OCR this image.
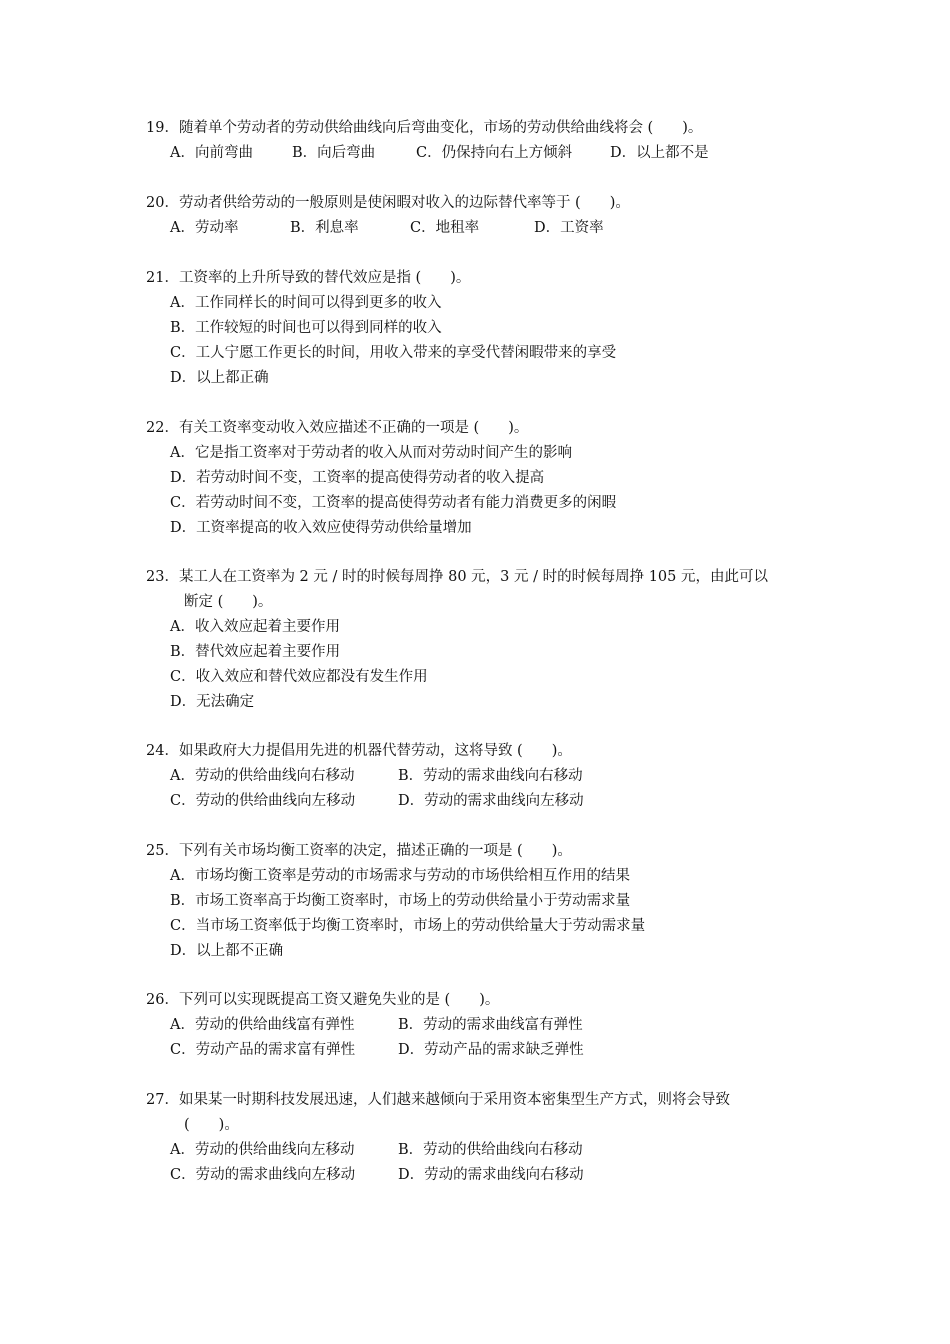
19．随着单个劳动者的劳动供给曲线向后弯曲变化，市场的劳动供给曲线将会 (　　)。
A．向前弯曲	B．向后弯曲	C．仍保持向右上方倾斜	D．以上都不是
20．劳动者供给劳动的一般原则是使闲暇对收入的边际替代率等于 (　　)。
A．劳动率	B．利息率	C．地租率	D．工资率
21．工资率的上升所导致的替代效应是指 (　　)。
A．工作同样长的时间可以得到更多的收入
B．工作较短的时间也可以得到同样的收入
C．工人宁愿工作更长的时间，用收入带来的享受代替闲暇带来的享受
D．以上都正确
22．有关工资率变动收入效应描述不正确的一项是 (　　)。
A．它是指工资率对于劳动者的收入从而对劳动时间产生的影响
D．若劳动时间不变，工资率的提高使得劳动者的收入提高
C．若劳动时间不变，工资率的提高使得劳动者有能力消费更多的闲暇
D．工资率提高的收入效应使得劳动供给量增加
23．某工人在工资率为 2 元 / 时的时候每周挣 80 元，3 元 / 时的时候每周挣 105 元，由此可以
断定 (　　)。
A．收入效应起着主要作用
B．替代效应起着主要作用
C．收入效应和替代效应都没有发生作用
D．无法确定
24．如果政府大力提倡用先进的机器代替劳动，这将导致 (　　)。
A．劳动的供给曲线向右移动	B．劳动的需求曲线向右移动
C．劳动的供给曲线向左移动	D．劳动的需求曲线向左移动
25．下列有关市场均衡工资率的决定，描述正确的一项是 (　　)。
A．市场均衡工资率是劳动的市场需求与劳动的市场供给相互作用的结果
B．市场工资率高于均衡工资率时，市场上的劳动供给量小于劳动需求量
C．当市场工资率低于均衡工资率时，市场上的劳动供给量大于劳动需求量
D．以上都不正确
26．下列可以实现既提高工资又避免失业的是 (　　)。
A．劳动的供给曲线富有弹性	B．劳动的需求曲线富有弹性
C．劳动产品的需求富有弹性	D．劳动产品的需求缺乏弹性
27．如果某一时期科技发展迅速，人们越来越倾向于采用资本密集型生产方式，则将会导致
(　　)。
A．劳动的供给曲线向左移动	B．劳动的供给曲线向右移动
C．劳动的需求曲线向左移动	D．劳动的需求曲线向右移动
